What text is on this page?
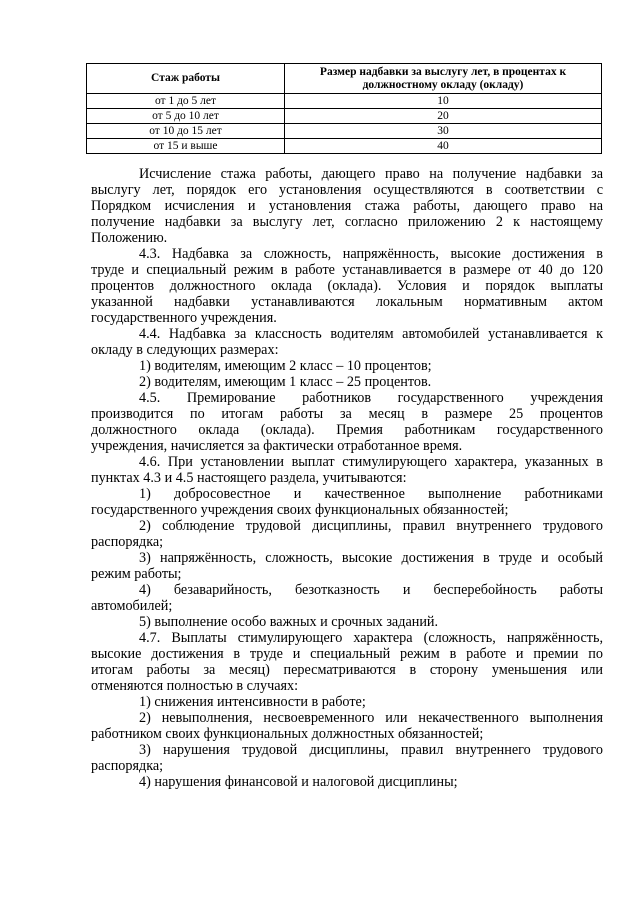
Стаж работы	Размер надбавки за выслугу лет, в процентах к должностному окладу (окладу)
от 1 до 5 лет	10
от 5 до 10 лет	20
от 10 до 15 лет	30
от 15 и выше	40

Исчисление стажа работы, дающего право на получение надбавки за

выслугу лет, порядок его установления осуществляются в соответствии с

Порядком исчисления и установления стажа работы, дающего право на

получение надбавки за выслугу лет, согласно приложению 2 к настоящему

Положению.

4.3. Надбавка за сложность, напряжённость, высокие достижения в

труде и специальный режим в работе устанавливается в размере от 40 до 120

процентов должностного оклада (оклада). Условия и порядок выплаты

указанной надбавки устанавливаются локальным нормативным актом

государственного учреждения.

4.4. Надбавка за классность водителям автомобилей устанавливается к

окладу в следующих размерах:

1) водителям, имеющим 2 класс – 10 процентов;

2) водителям, имеющим 1 класс – 25 процентов.

4.5. Премирование работников государственного учреждения

производится по итогам работы за месяц в размере 25 процентов

должностного оклада (оклада). Премия работникам государственного

учреждения, начисляется за фактически отработанное время.

4.6. При установлении выплат стимулирующего характера, указанных в

пунктах 4.3 и 4.5 настоящего раздела, учитываются:

1) добросовестное и качественное выполнение работниками

государственного учреждения своих функциональных обязанностей;

2) соблюдение трудовой дисциплины, правил внутреннего трудового

распорядка;

3) напряжённость, сложность, высокие достижения в труде и особый

режим работы;

4) безаварийность, безотказность и бесперебойность работы

автомобилей;

5) выполнение особо важных и срочных заданий.

4.7. Выплаты стимулирующего характера (сложность, напряжённость,

высокие достижения в труде и специальный режим в работе и премии по

итогам работы за месяц) пересматриваются в сторону уменьшения или

отменяются полностью в случаях:

1) снижения интенсивности в работе;

2) невыполнения, несвоевременного или некачественного выполнения

работником своих функциональных должностных обязанностей;

3) нарушения трудовой дисциплины, правил внутреннего трудового

распорядка;

4) нарушения финансовой и налоговой дисциплины;
